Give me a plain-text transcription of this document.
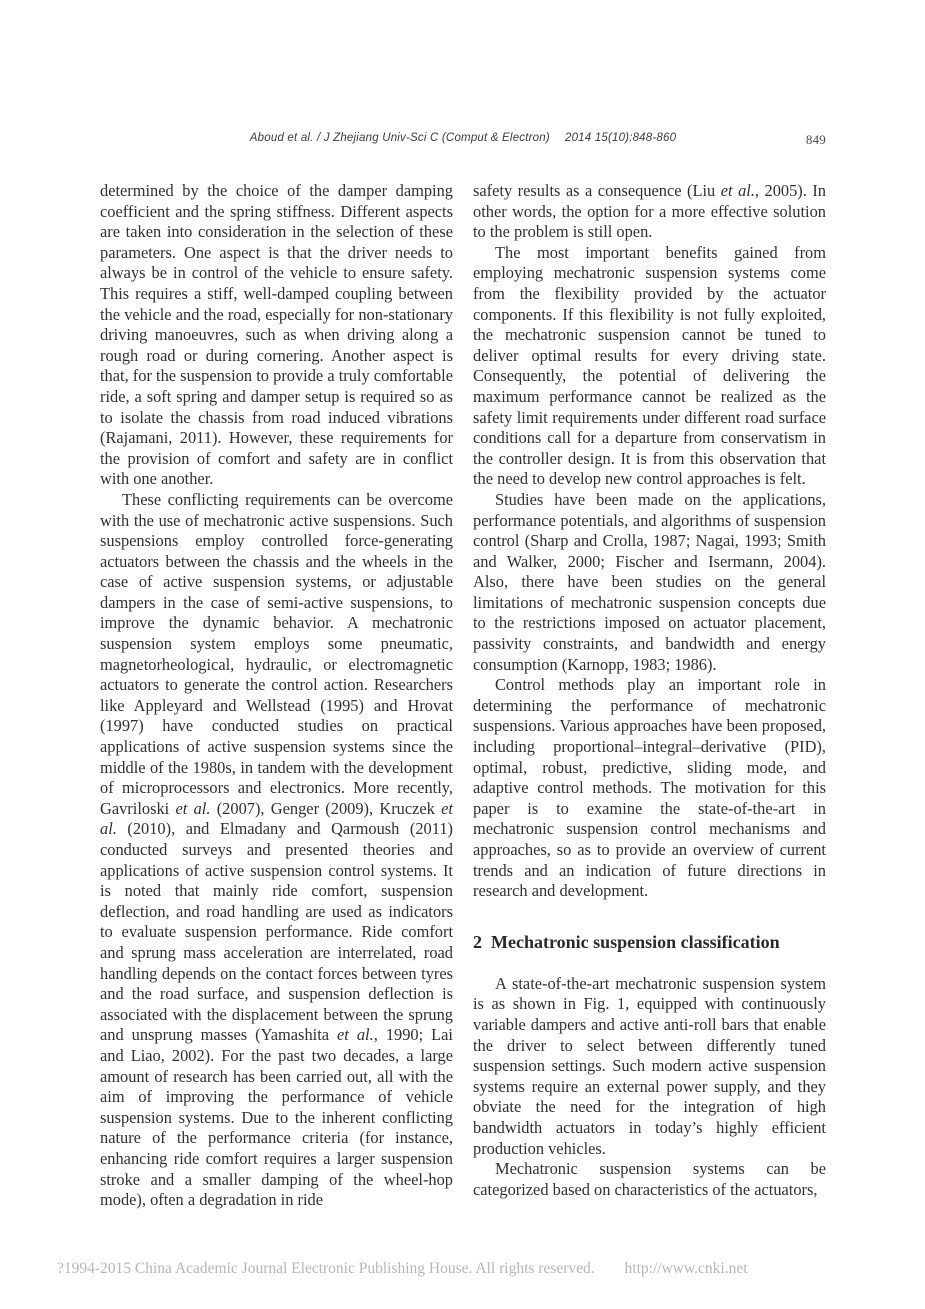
Aboud et al. / J Zhejiang Univ-Sci C (Comput & Electron)  2014 15(10):848-860	849

determined by the choice of the damper damping coefficient and the spring stiffness. Different aspects are taken into consideration in the selection of these parameters. One aspect is that the driver needs to always be in control of the vehicle to ensure safety. This requires a stiff, well-damped coupling between the vehicle and the road, especially for non-stationary driving manoeuvres, such as when driving along a rough road or during cornering. Another aspect is that, for the suspension to provide a truly comfortable ride, a soft spring and damper setup is required so as to isolate the chassis from road induced vibrations (Rajamani, 2011). However, these requirements for the provision of comfort and safety are in conflict with one another.

These conflicting requirements can be overcome with the use of mechatronic active suspensions. Such suspensions employ controlled force-generating actuators between the chassis and the wheels in the case of active suspension systems, or adjustable dampers in the case of semi-active suspensions, to improve the dynamic behavior. A mechatronic suspension system employs some pneumatic, magnetorheological, hydraulic, or electromagnetic actuators to generate the control action. Researchers like Appleyard and Wellstead (1995) and Hrovat (1997) have conducted studies on practical applications of active suspension systems since the middle of the 1980s, in tandem with the development of microprocessors and electronics. More recently, Gavriloski et al. (2007), Genger (2009), Kruczek et al. (2010), and Elmadany and Qarmoush (2011) conducted surveys and presented theories and applications of active suspension control systems. It is noted that mainly ride comfort, suspension deflection, and road handling are used as indicators to evaluate suspension performance. Ride comfort and sprung mass acceleration are interrelated, road handling depends on the contact forces between tyres and the road surface, and suspension deflection is associated with the displacement between the sprung and unsprung masses (Yamashita et al., 1990; Lai and Liao, 2002). For the past two decades, a large amount of research has been carried out, all with the aim of improving the performance of vehicle suspension systems. Due to the inherent conflicting nature of the performance criteria (for instance, enhancing ride comfort requires a larger suspension stroke and a smaller damping of the wheel-hop mode), often a degradation in ride

safety results as a consequence (Liu et al., 2005). In other words, the option for a more effective solution to the problem is still open.

The most important benefits gained from employing mechatronic suspension systems come from the flexibility provided by the actuator components. If this flexibility is not fully exploited, the mechatronic suspension cannot be tuned to deliver optimal results for every driving state. Consequently, the potential of delivering the maximum performance cannot be realized as the safety limit requirements under different road surface conditions call for a departure from conservatism in the controller design. It is from this observation that the need to develop new control approaches is felt.

Studies have been made on the applications, performance potentials, and algorithms of suspension control (Sharp and Crolla, 1987; Nagai, 1993; Smith and Walker, 2000; Fischer and Isermann, 2004). Also, there have been studies on the general limitations of mechatronic suspension concepts due to the restrictions imposed on actuator placement, passivity constraints, and bandwidth and energy consumption (Karnopp, 1983; 1986).

Control methods play an important role in determining the performance of mechatronic suspensions. Various approaches have been proposed, including proportional–integral–derivative (PID), optimal, robust, predictive, sliding mode, and adaptive control methods. The motivation for this paper is to examine the state-of-the-art in mechatronic suspension control mechanisms and approaches, so as to provide an overview of current trends and an indication of future directions in research and development.

2 Mechatronic suspension classification

A state-of-the-art mechatronic suspension system is as shown in Fig. 1, equipped with continuously variable dampers and active anti-roll bars that enable the driver to select between differently tuned suspension settings. Such modern active suspension systems require an external power supply, and they obviate the need for the integration of high bandwidth actuators in today’s highly efficient production vehicles.

Mechatronic suspension systems can be categorized based on characteristics of the actuators,

?1994-2015 China Academic Journal Electronic Publishing House. All rights reserved. http://www.cnki.net
